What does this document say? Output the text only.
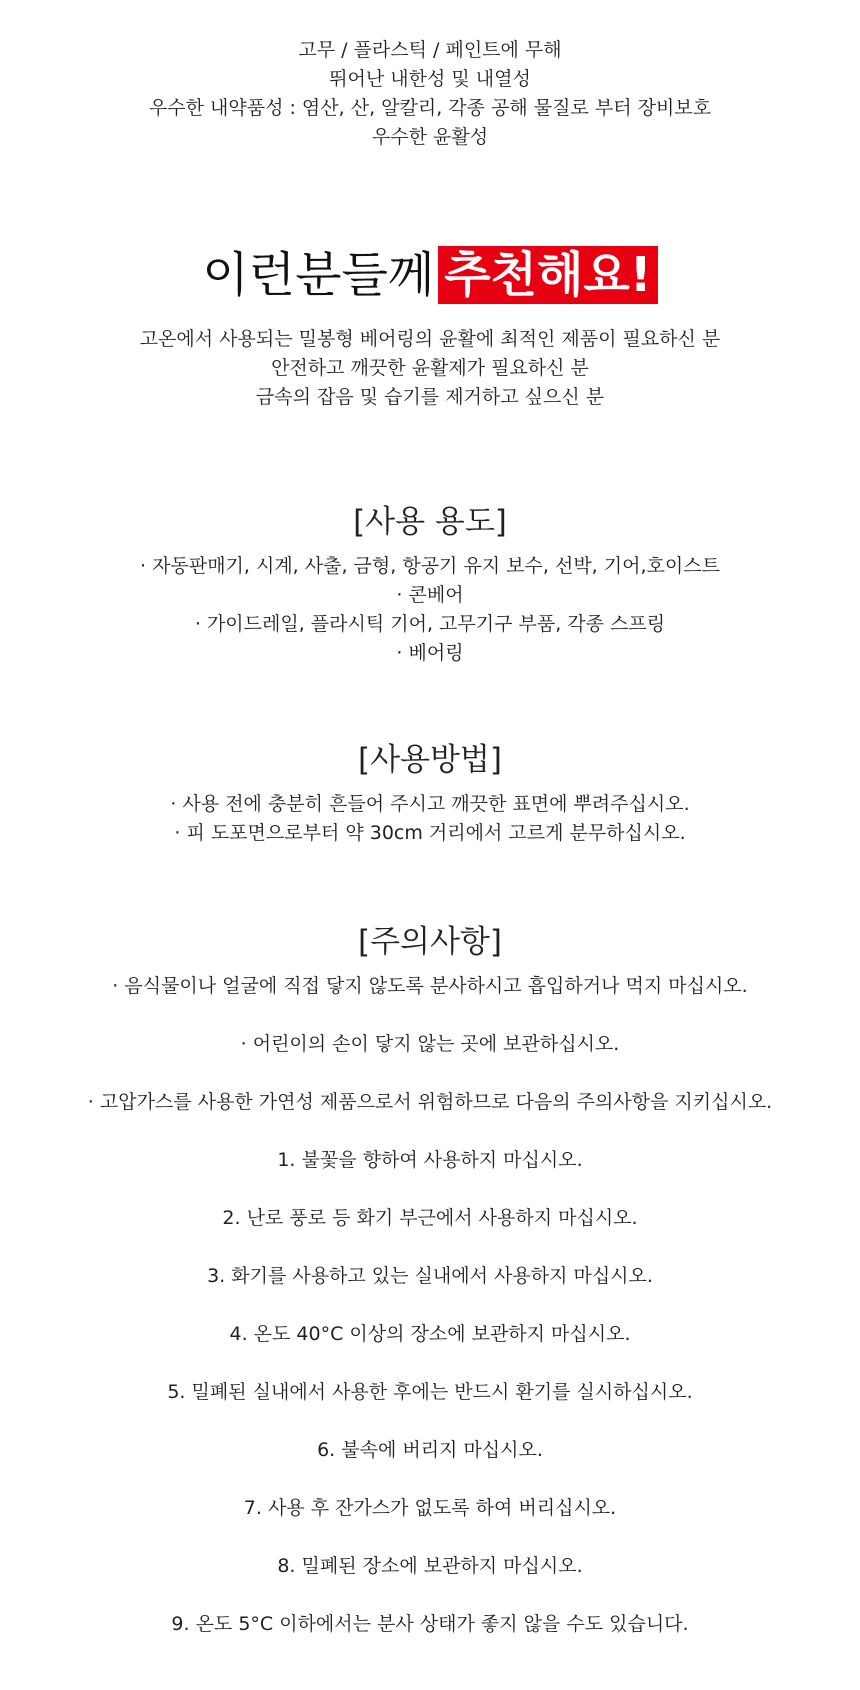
고무 / 플라스틱 / 페인트에 무해
뛰어난 내한성 및 내열성
우수한 내약품성 : 염산, 산, 알칼리, 각종 공해 물질로 부터 장비보호
우수한 윤활성
이런분들께 추천해요!
고온에서 사용되는 밀봉형 베어링의 윤활에 최적인 제품이 필요하신 분
안전하고 깨끗한 윤활제가 필요하신 분
금속의 잡음 및 습기를 제거하고 싶으신 분
[사용 용도]
· 자동판매기, 시계, 사출, 금형, 항공기 유지 보수, 선박, 기어,호이스트
· 콘베어
· 가이드레일, 플라시틱 기어, 고무기구 부품, 각종 스프링
· 베어링
[사용방법]
· 사용 전에 충분히 흔들어 주시고 깨끗한 표면에 뿌려주십시오.
· 피 도포면으로부터 약 30cm 거리에서 고르게 분무하십시오.
[주의사항]
· 음식물이나 얼굴에 직접 닿지 않도록 분사하시고 흡입하거나 먹지 마십시오.
· 어린이의 손이 닿지 않는 곳에 보관하십시오.
· 고압가스를 사용한 가연성 제품으로서 위험하므로 다음의 주의사항을 지키십시오.
1. 불꽃을 향하여 사용하지 마십시오.
2. 난로 풍로 등 화기 부근에서 사용하지 마십시오.
3. 화기를 사용하고 있는 실내에서 사용하지 마십시오.
4. 온도 40°C 이상의 장소에 보관하지 마십시오.
5. 밀폐된 실내에서 사용한 후에는 반드시 환기를 실시하십시오.
6. 불속에 버리지 마십시오.
7. 사용 후 잔가스가 없도록 하여 버리십시오.
8. 밀폐된 장소에 보관하지 마십시오.
9. 온도 5°C 이하에서는 분사 상태가 좋지 않을 수도 있습니다.
